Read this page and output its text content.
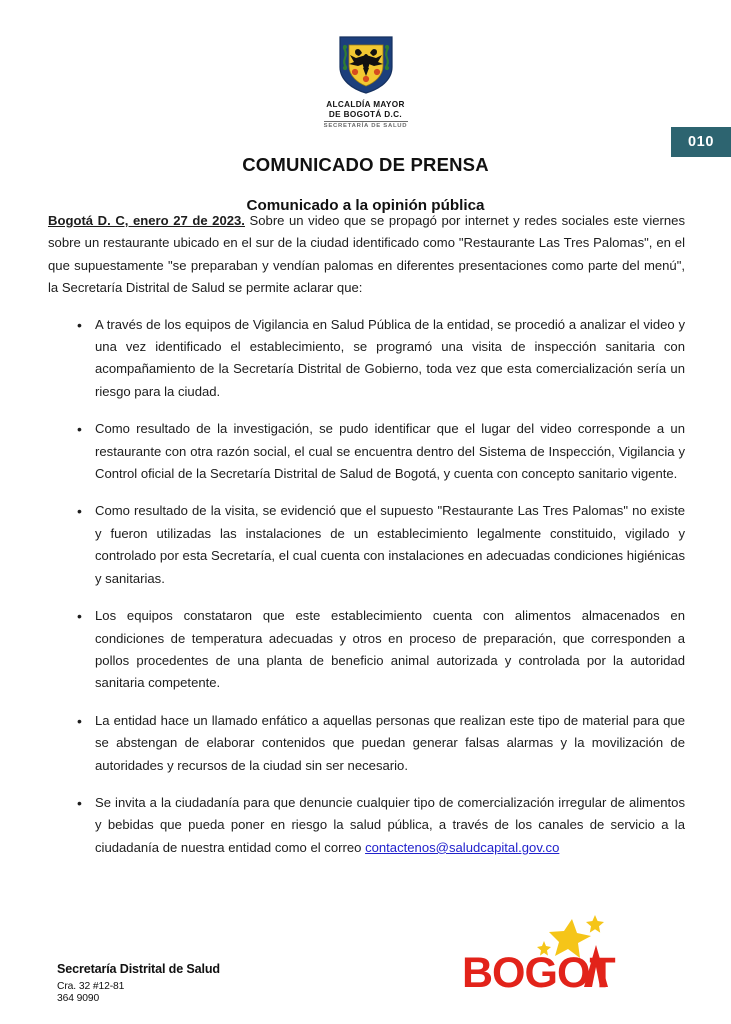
ALCALDÍA MAYOR
DE BOGOTÁ D.C.
SECRETARÍA DE SALUD
010
COMUNICADO DE PRENSA
Comunicado a la opinión pública

Bogotá D. C, enero 27 de 2023. Sobre un video que se propagó por internet y redes sociales este viernes sobre un restaurante ubicado en el sur de la ciudad identificado como "Restaurante Las Tres Palomas", en el que supuestamente "se preparaban y vendían palomas en diferentes presentaciones como parte del menú", la Secretaría Distrital de Salud se permite aclarar que:

• A través de los equipos de Vigilancia en Salud Pública de la entidad, se procedió a analizar el video y una vez identificado el establecimiento, se programó una visita de inspección sanitaria con acompañamiento de la Secretaría Distrital de Gobierno, toda vez que esta comercialización sería un riesgo para la ciudad.
• Como resultado de la investigación, se pudo identificar que el lugar del video corresponde a un restaurante con otra razón social, el cual se encuentra dentro del Sistema de Inspección, Vigilancia y Control oficial de la Secretaría Distrital de Salud de Bogotá, y cuenta con concepto sanitario vigente.
• Como resultado de la visita, se evidenció que el supuesto "Restaurante Las Tres Palomas" no existe y fueron utilizadas las instalaciones de un establecimiento legalmente constituido, vigilado y controlado por esta Secretaría, el cual cuenta con instalaciones en adecuadas condiciones higiénicas y sanitarias.
• Los equipos constataron que este establecimiento cuenta con alimentos almacenados en condiciones de temperatura adecuadas y otros en proceso de preparación, que corresponden a pollos procedentes de una planta de beneficio animal autorizada y controlada por la autoridad sanitaria competente.
• La entidad hace un llamado enfático a aquellas personas que realizan este tipo de material para que se abstengan de elaborar contenidos que puedan generar falsas alarmas y la movilización de autoridades y recursos de la ciudad sin ser necesario.
• Se invita a la ciudadanía para que denuncie cualquier tipo de comercialización irregular de alimentos y bebidas que pueda poner en riesgo la salud pública, a través de los canales de servicio a la ciudadanía de nuestra entidad como el correo contactenos@saludcapital.gov.co
Secretaría Distrital de Salud
Cra. 32 #12-81
364 9090
BOGOT
